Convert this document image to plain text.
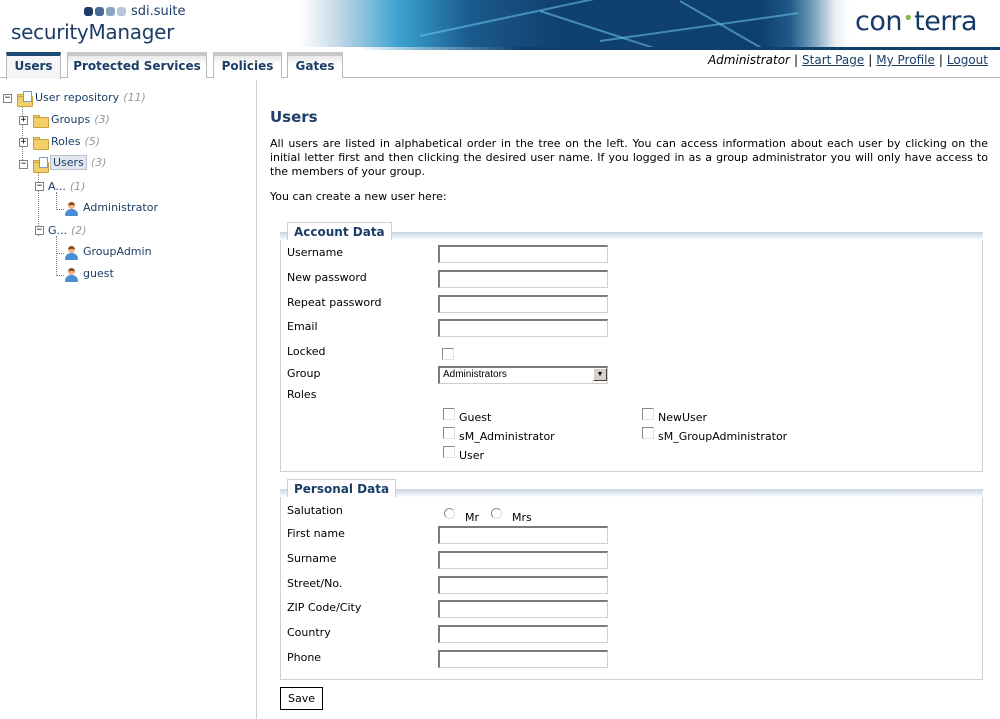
sdi.suite
securityManager	con•terra
Users	Protected Services	Policies	Gates	Administrator | Start Page | My Profile | Logout
− User repository (11)
+ Groups (3)
+ Roles (5)
− Users (3)
− A... (1)
Administrator
− G... (2)
GroupAdmin
guest
Users
All users are listed in alphabetical order in the tree on the left. You can access information about each user by clicking on the initial letter first and then clicking the desired user name. If you logged in as a group administrator you will only have access to the members of your group.
You can create a new user here:
Account Data
Username
New password
Repeat password
Email
Locked
Group	Administrators	▼
Roles
Guest	NewUser
sM_Administrator	sM_GroupAdministrator
User
Personal Data
Salutation
Mr	Mrs
First name
Surname
Street/No.
ZIP Code/City
Country
Phone
Save
